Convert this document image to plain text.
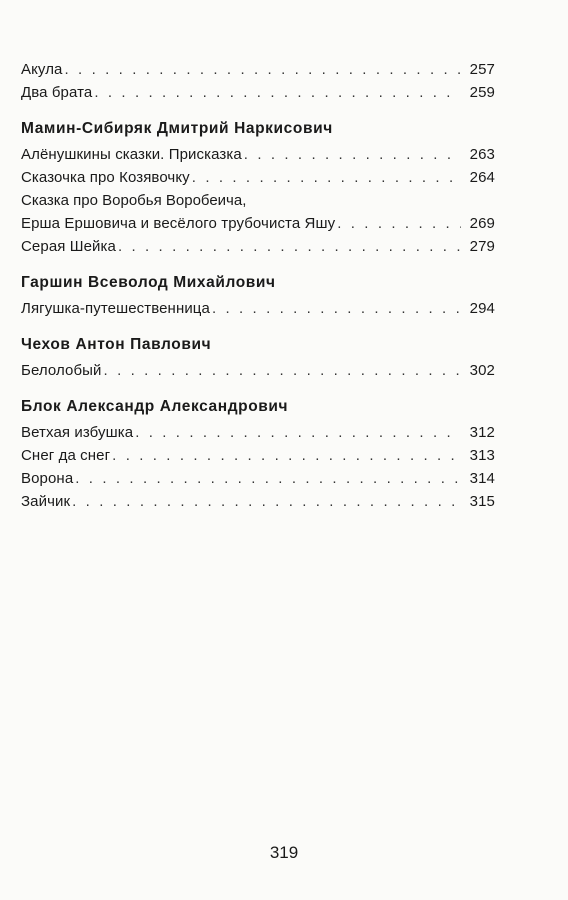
Акула . . .	257
Два брата . . .	259
Мамин-Сибиряк Дмитрий Наркисович
Алёнушкины сказки. Присказка . . .	263
Сказочка про Козявочку . . .	264
Сказка про Воробья Воробеича,
Ерша Ершовича и весёлого трубочиста Яшу . . .	269
Серая Шейка . . .	279
Гаршин Всеволод Михайлович
Лягушка-путешественница . . .	294
Чехов Антон Павлович
Белолобый . . .	302
Блок Александр Александрович
Ветхая избушка . . .	312
Снег да снег . . .	313
Ворона . . .	314
Зайчик . . .	315
319
